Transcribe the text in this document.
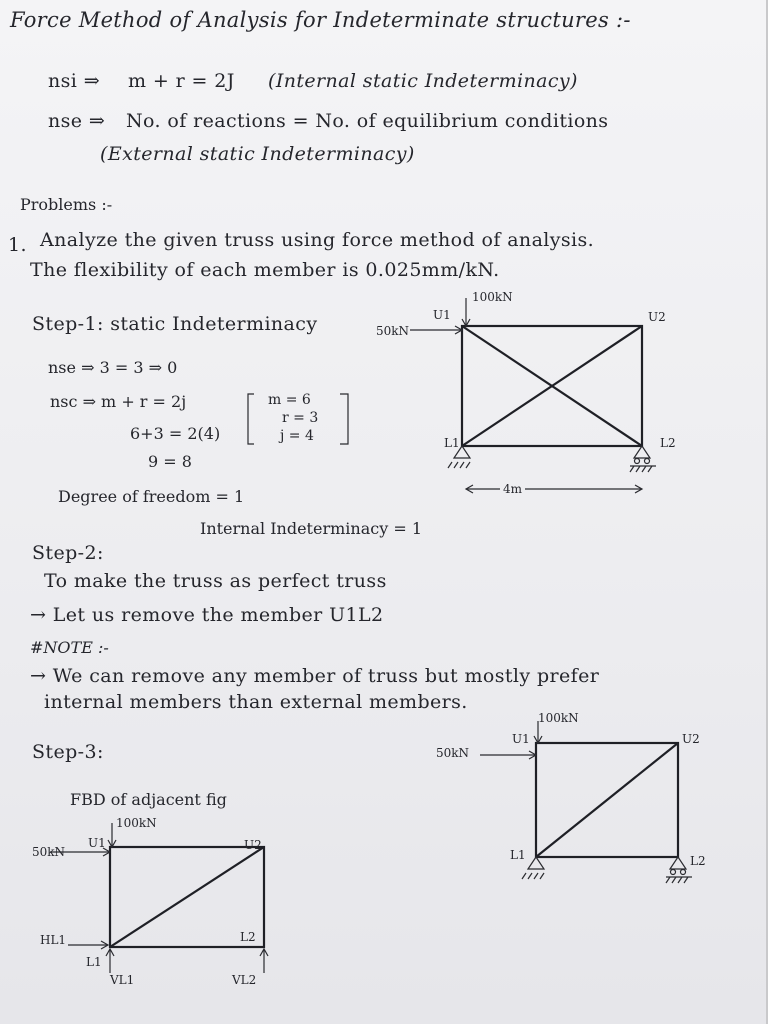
Force Method of Analysis for Indeterminate structures :-
nsi ⇒ m + r = 2J (Internal static Indeterminacy)
nse ⇒ No. of reactions = No. of equilibrium conditions
(External static Indeterminacy)
Problems :-
1. Analyze the given truss using force method of analysis.
The flexibility of each member is 0.025mm/kN.
Step-1: static Indeterminacy
nse ⇒ 3 = 3 ⇒ 0
nsc ⇒ m + r = 2j
6+3 = 2(4)
9 = 8
m = 6
r = 3
j = 4
Degree of freedom = 1
Internal Indeterminacy = 1
100kN
50kN
U1	U2
L1	L2
4m
Step-2:
To make the truss as perfect truss
→ Let us remove the member U1L2
#NOTE :-
→ We can remove any member of truss but mostly prefer
internal members than external members.
100kN
50kN
U1	U2
L1	L2
Step-3:
FBD of adjacent fig
100kN
50kN
U1	U2
L1
L2
HL1
VL1	VL2
